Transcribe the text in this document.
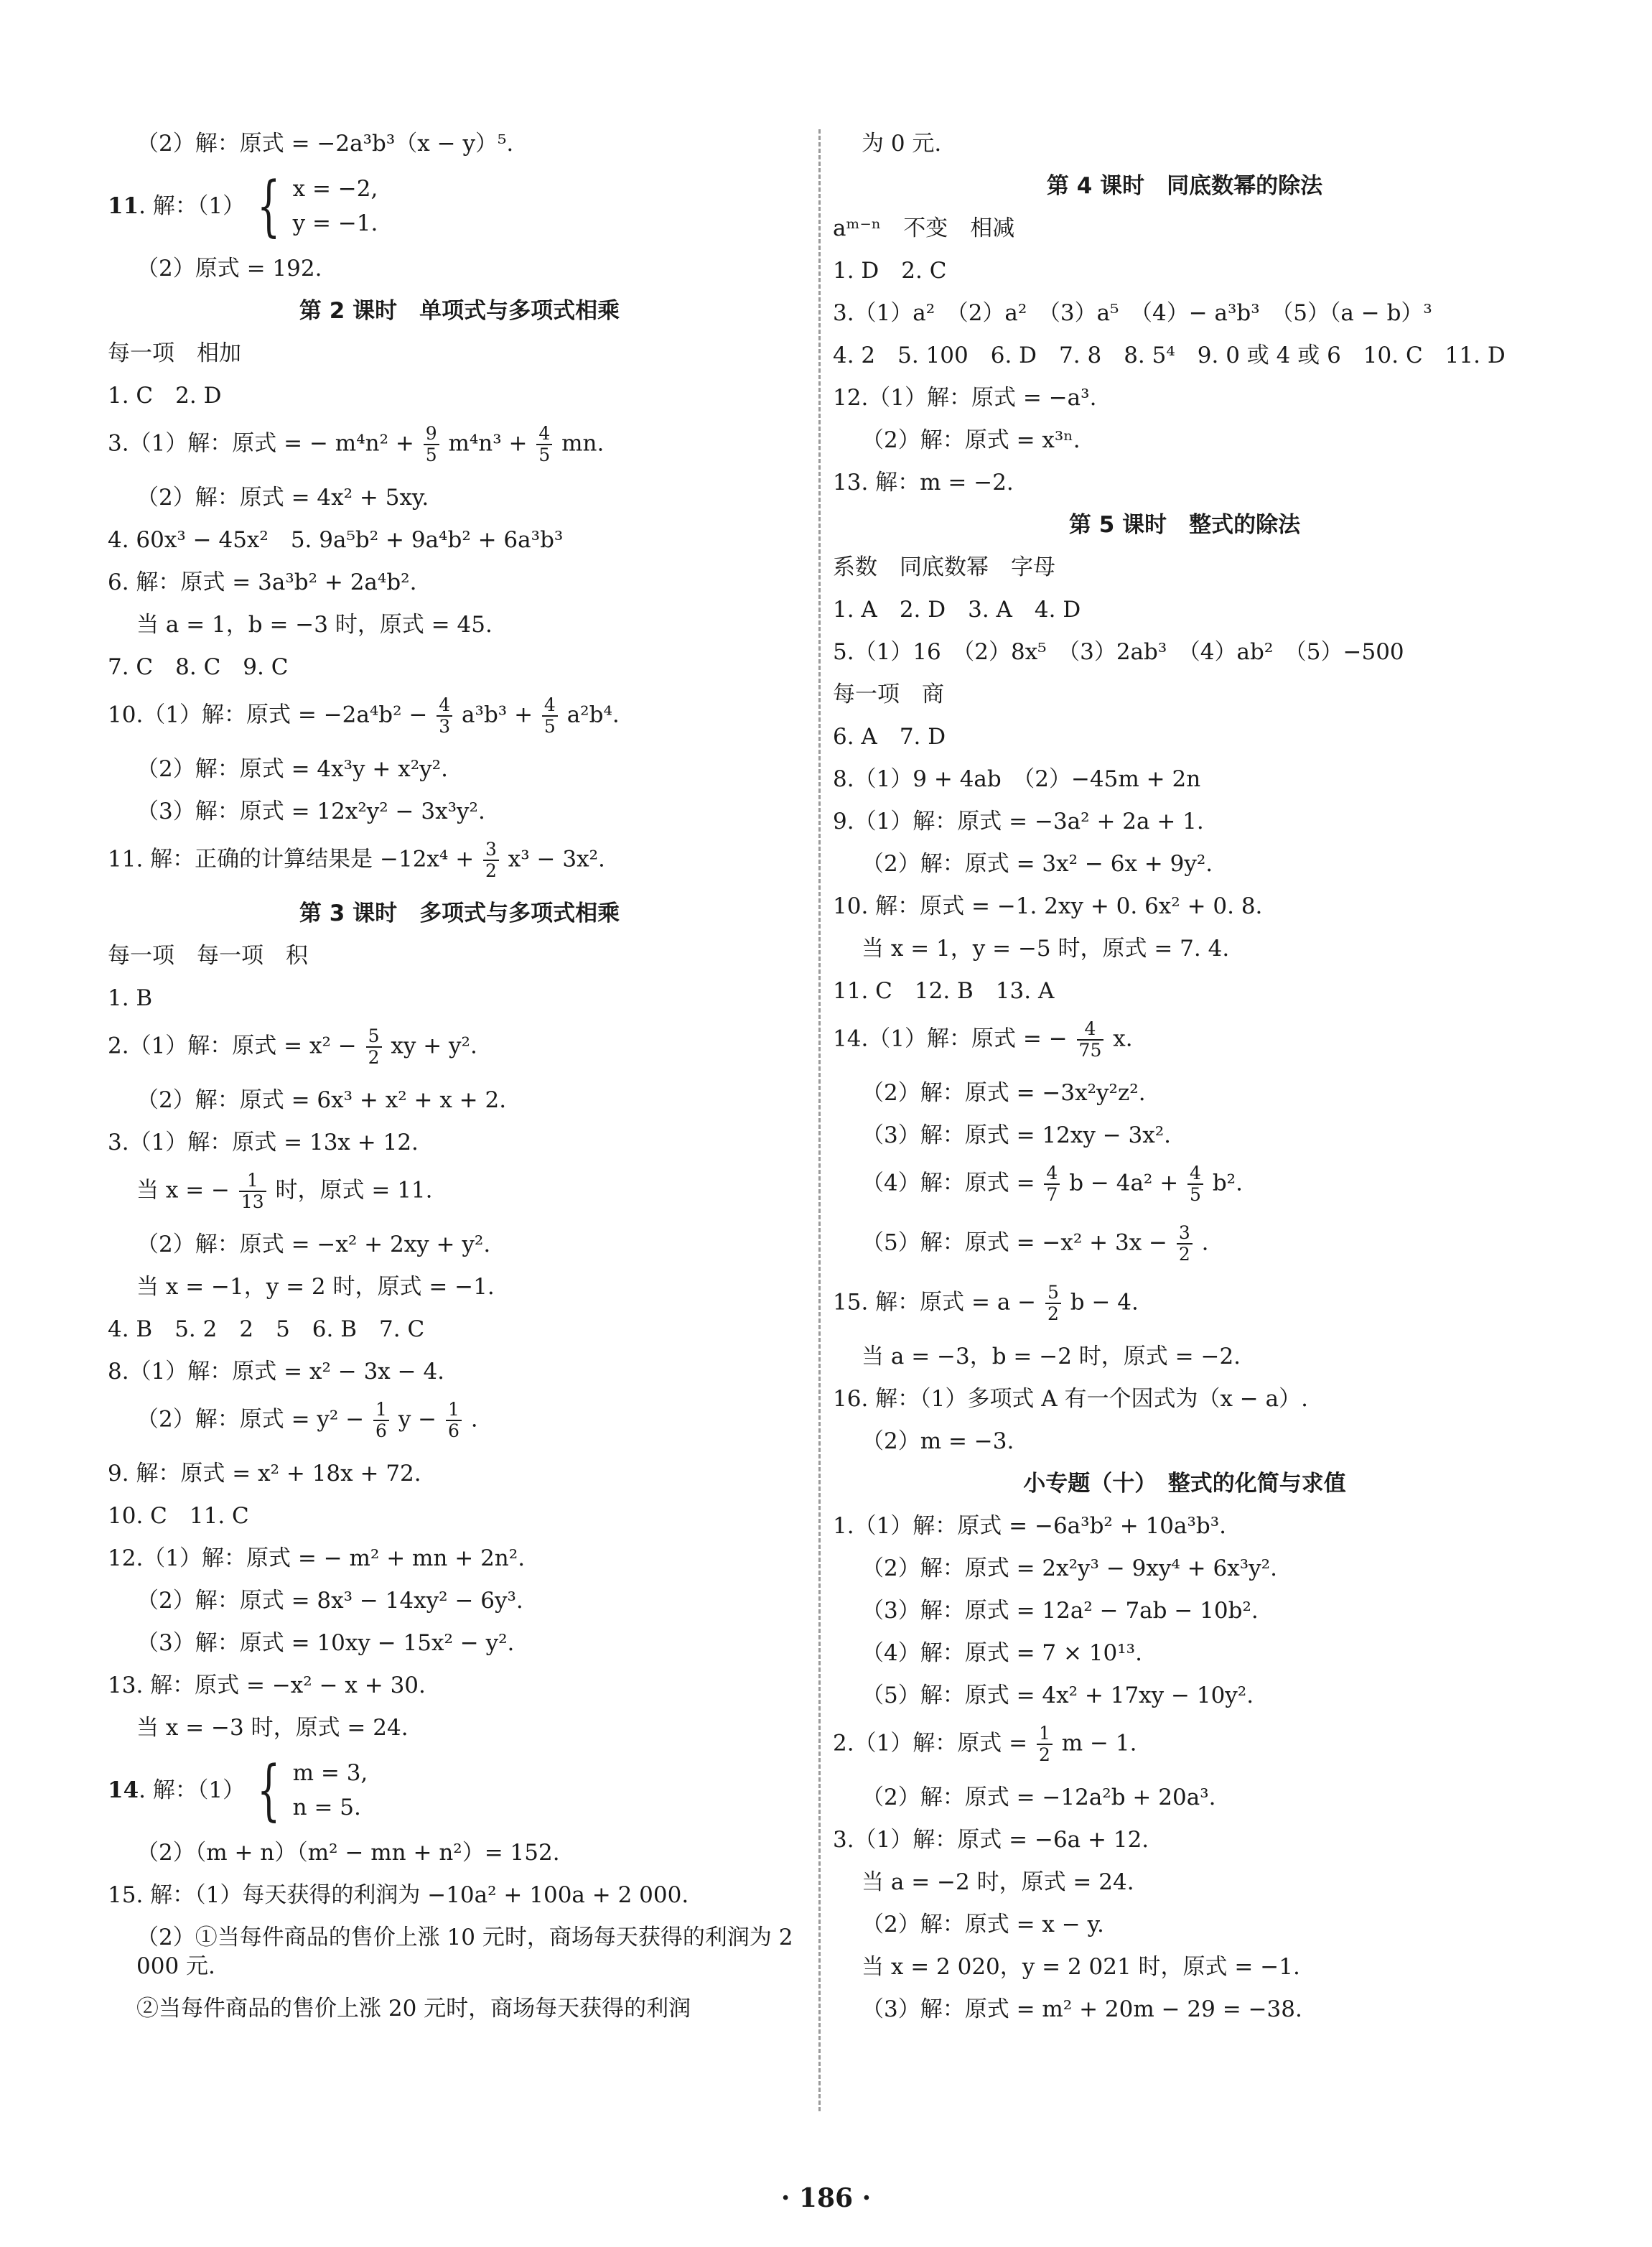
（2）解：原式 = −2a³b³（x − y）⁵.
11 . 解：（1） { x = −2,
y = −1.
（2）原式 = 192.
第 2 课时　单项式与多项式相乘
每一项　相加
1. C　2. D
3.（1）解：原式 = − $m^4n^2 + \frac{9}{5} m^4n^3 + \frac{4}{5}$ mn.
（2）解：原式 = 4x² + 5xy.
4. 60x³ − 45x²　5. 9a⁵b² + 9a⁴b² + 6a³b³
6. 解：原式 = 3a³b² + 2a⁴b².
当 a = 1，b = −3 时，原式 = 45.
7. C　8. C　9. C
10.（1）解：原式 = $-2a^4b^2 - \frac{4}{3} a^3b^3 + \frac{4}{5} a^2b^4$.
（2）解：原式 = 4x³y + x²y².
（3）解：原式 = 12x²y² − 3x³y².
11. 解：正确的计算结果是 $-12x^4 + \frac{3}{2} x^3 - 3x^2$.
第 3 课时　多项式与多项式相乘
每一项　每一项　积
1. B
2.（1）解：原式 = $x^2 - \frac{5}{2}$ xy + y².
（2）解：原式 = 6x³ + x² + x + 2.
3.（1）解：原式 = 13x + 12.
当 x = − $\frac{1}{13}$ 时，原式 = 11.
（2）解：原式 = −x² + 2xy + y².
当 x = −1，y = 2 时，原式 = −1.
4. B　5. 2　2　5　6. B　7. C
8.（1）解：原式 = x² − 3x − 4.
（2）解：原式 = $y^2 - \frac{1}{6}$ $y - \frac{1}{6}$ .
9. 解：原式 = x² + 18x + 72.
10. C　11. C
12.（1）解：原式 = − m² + mn + 2n².
（2）解：原式 = 8x³ − 14xy² − 6y³.
（3）解：原式 = 10xy − 15x² − y².
13. 解：原式 = −x² − x + 30.
当 x = −3 时，原式 = 24.
14 . 解：（1） { m = 3,
n = 5.
（2）（m + n）（m² − mn + n²）= 152.
15. 解：（1）每天获得的利润为 −10a² + 100a + 2 000.
（2）①当每件商品的售价上涨 10 元时，商场每天获得的利润为 2 000 元.
②当每件商品的售价上涨 20 元时，商场每天获得的利润
为 0 元.
第 4 课时　同底数幂的除法
aᵐ⁻ⁿ　不变　相减
1. D　2. C
3.（1）a²　（2）a²　（3）a⁵　（4）− a³b³　（5）（a − b）³
4. 2　5. 100　6. D　7. 8　8. 5⁴　9. 0 或 4 或 6　10. C　11. D
12.（1）解：原式 = −a³.
（2）解：原式 = x³ⁿ.
13. 解：m = −2.
第 5 课时　整式的除法
系数　同底数幂　字母
1. A　2. D　3. A　4. D
5.（1）16　（2）8x⁵　（3）2ab³　（4）ab²　（5）−500
每一项　商
6. A　7. D
8.（1）9 + 4ab　（2）−45m + 2n
9.（1）解：原式 = −3a² + 2a + 1.
（2）解：原式 = 3x² − 6x + 9y².
10. 解：原式 = −1. 2xy + 0. 6x² + 0. 8.
当 x = 1，y = −5 时，原式 = 7. 4.
11. C　12. B　13. A
14.（1）解：原式 = − $\frac{4}{75} x$.
（2）解：原式 = −3x²y²z².
（3）解：原式 = 12xy − 3x².
（4）解：原式 = $\frac{4}{7}$ $b - 4a^2 + \frac{4}{5} b^2$.
（5）解：原式 = $-x^2 + 3x - \frac{3}{2}$ .
15. 解：原式 = $a - \frac{5}{2}$ b − 4.
当 a = −3，b = −2 时，原式 = −2.
16. 解：（1）多项式 A 有一个因式为（x − a）.
（2）m = −3.
小专题（十）　整式的化简与求值
1.（1）解：原式 = −6a³b² + 10a³b³.
（2）解：原式 = 2x²y³ − 9xy⁴ + 6x³y².
（3）解：原式 = 12a² − 7ab − 10b².
（4）解：原式 = 7 × 10¹³.
（5）解：原式 = 4x² + 17xy − 10y².
2.（1）解：原式 = $\frac{1}{2}$ m − 1.
（2）解：原式 = −12a²b + 20a³.
3.（1）解：原式 = −6a + 12.
当 a = −2 时，原式 = 24.
（2）解：原式 = x − y.
当 x = 2 020，y = 2 021 时，原式 = −1.
（3）解：原式 = m² + 20m − 29 = −38.
· 186 ·
